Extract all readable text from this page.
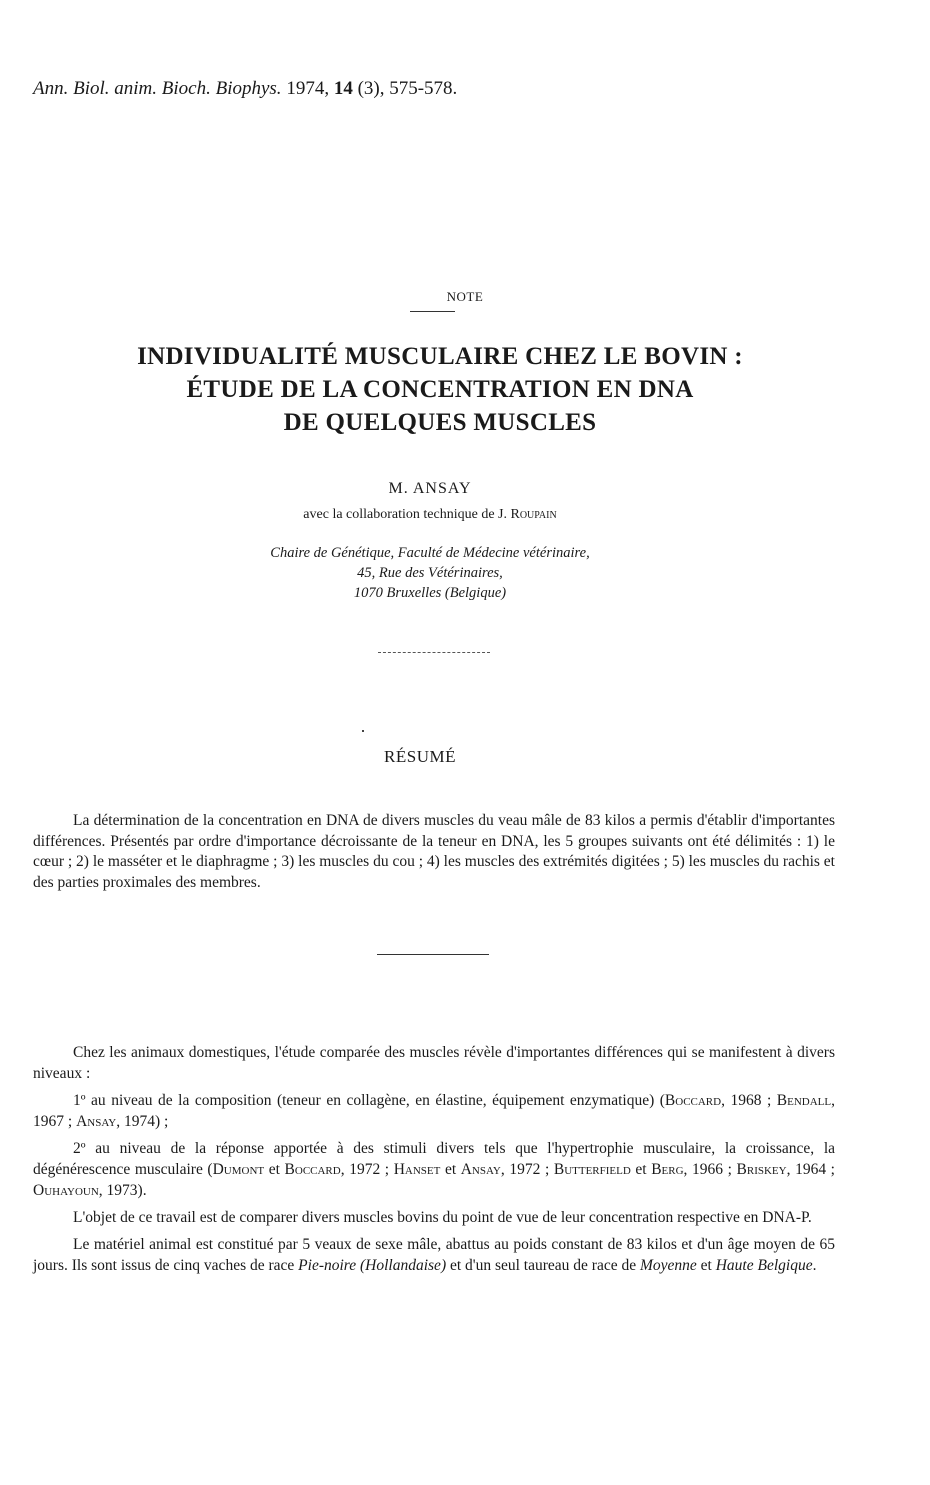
Ann. Biol. anim. Bioch. Biophys. 1974, 14 (3), 575-578.
NOTE
INDIVIDUALITÉ MUSCULAIRE CHEZ LE BOVIN :
ÉTUDE DE LA CONCENTRATION EN DNA
DE QUELQUES MUSCLES
M. ANSAY
avec la collaboration technique de J. Roupain
Chaire de Génétique, Faculté de Médecine vétérinaire,
45, Rue des Vétérinaires,
1070 Bruxelles (Belgique)
RÉSUMÉ
La détermination de la concentration en DNA de divers muscles du veau mâle de 83 kilos a permis d'établir d'importantes différences. Présentés par ordre d'importance décroissante de la teneur en DNA, les 5 groupes suivants ont été délimités : 1) le cœur ; 2) le masséter et le diaphragme ; 3) les muscles du cou ; 4) les muscles des extrémités digitées ; 5) les muscles du rachis et des parties proximales des membres.

Chez les animaux domestiques, l'étude comparée des muscles révèle d'importantes différences qui se manifestent à divers niveaux :

1º au niveau de la composition (teneur en collagène, en élastine, équipement enzymatique) (Boccard, 1968 ; Bendall, 1967 ; Ansay, 1974) ;

2º au niveau de la réponse apportée à des stimuli divers tels que l'hypertrophie musculaire, la croissance, la dégénérescence musculaire (Dumont et Boccard, 1972 ; Hanset et Ansay, 1972 ; Butterfield et Berg, 1966 ; Briskey, 1964 ; Ouhayoun, 1973).

L'objet de ce travail est de comparer divers muscles bovins du point de vue de leur concentration respective en DNA-P.

Le matériel animal est constitué par 5 veaux de sexe mâle, abattus au poids constant de 83 kilos et d'un âge moyen de 65 jours. Ils sont issus de cinq vaches de race Pie-noire (Hollandaise) et d'un seul taureau de race de Moyenne et Haute Belgique.
